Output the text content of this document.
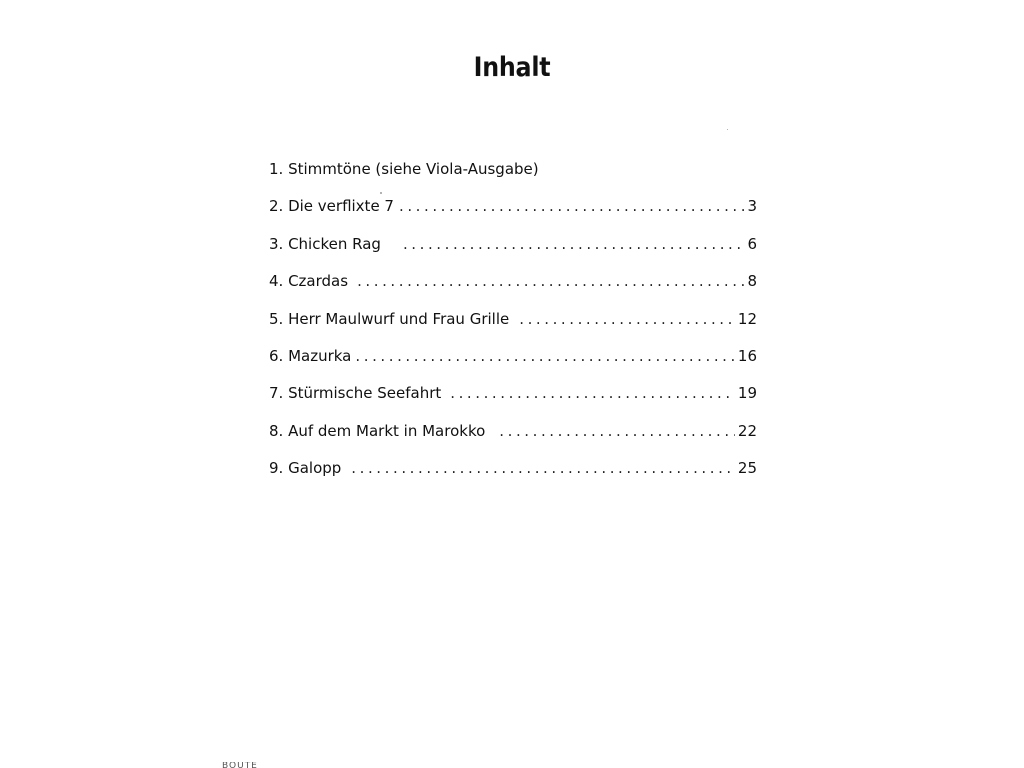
Inhalt
1. Stimmtöne (siehe Viola-Ausgabe)
2. Die verflixte 7 . . .	3
3. Chicken Rag . . .	6
4. Czardas . . .	8
5. Herr Maulwurf und Frau Grille . . .	12
6. Mazurka . . .	16
7. Stürmische Seefahrt . . .	19
8. Auf dem Markt in Marokko . . .	22
9. Galopp . . .	25
BOUTE
